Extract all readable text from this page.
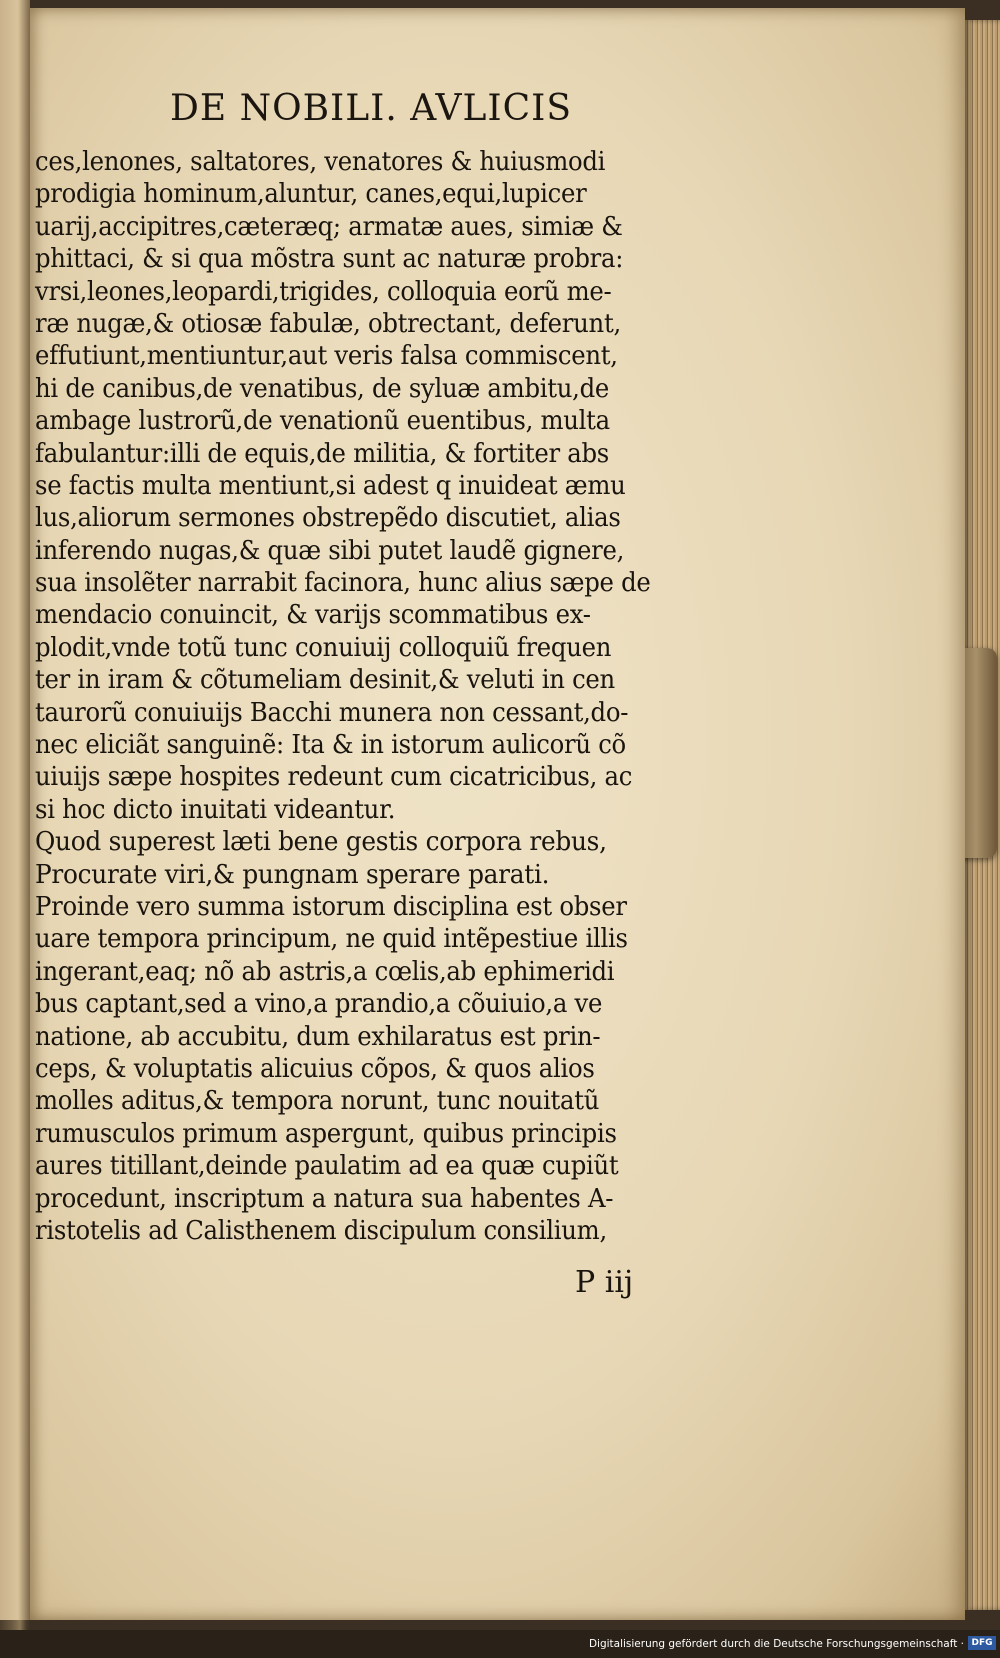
DE NOBILI. AVLICIS
ces,lenones, saltatores, venatores & huiusmodi
prodigia hominum,aluntur, canes,equi,lupicer
uarij,accipitres,cæteræq; armatæ aues, simiæ &
phittaci, & si qua mõstra sunt ac naturæ probra:
vrsi,leones,leopardi,trigides, colloquia eorũ me-
ræ nugæ,& otiosæ fabulæ, obtrectant, deferunt,
effutiunt,mentiuntur,aut veris falsa commiscent,
hi de canibus,de venatibus, de syluæ ambitu,de
ambage lustrorũ,de venationũ euentibus, multa
fabulantur:illi de equis,de militia, & fortiter abs
se factis multa mentiunt,si adest q inuideat æmu
lus,aliorum sermones obstrepẽdo discutiet, alias
inferendo nugas,& quæ sibi putet laudẽ gignere,
sua insolẽter narrabit facinora, hunc alius sæpe de
mendacio conuincit, & varijs scommatibus ex-
plodit,vnde totũ tunc conuiuij colloquiũ frequen
ter in iram & cõtumeliam desinit,& veluti in cen
taurorũ conuiuijs Bacchi munera non cessant,do-
nec eliciãt sanguinẽ: Ita & in istorum aulicorũ cõ
uiuijs sæpe hospites redeunt cum cicatricibus, ac
si hoc dicto inuitati videantur.
Quod superest læti bene gestis corpora rebus,
Procurate viri,& pungnam sperare parati.
Proinde vero summa istorum disciplina est obser
uare tempora principum, ne quid intẽpestiue illis
ingerant,eaq; nõ ab astris,a cœlis,ab ephimeridi
bus captant,sed a vino,a prandio,a cõuiuio,a ve
natione, ab accubitu, dum exhilaratus est prin-
ceps, & voluptatis alicuius cõpos, & quos alios
molles aditus,& tempora norunt, tunc nouitatũ
rumusculos primum aspergunt, quibus principis
aures titillant,deinde paulatim ad ea quæ cupiũt
procedunt, inscriptum a natura sua habentes A-
ristotelis ad Calisthenem discipulum consilium,
P iij
Digitalisierung gefördert durch die Deutsche Forschungsgemeinschaft · DFG
